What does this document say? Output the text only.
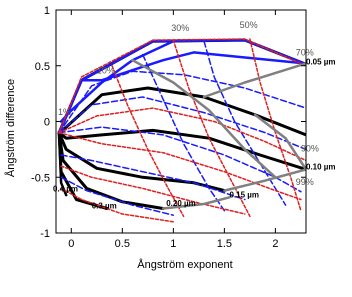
0	0.5	1	1.5	2
-1
-0.5
0
0.5
1
1%
10%
30%	50%
70%
90%
99%
0.05 µm
0.10 µm
0.15 µm
0.20 µm
0.3 µm
0.4 µm
Ångström exponent
Ångström difference
